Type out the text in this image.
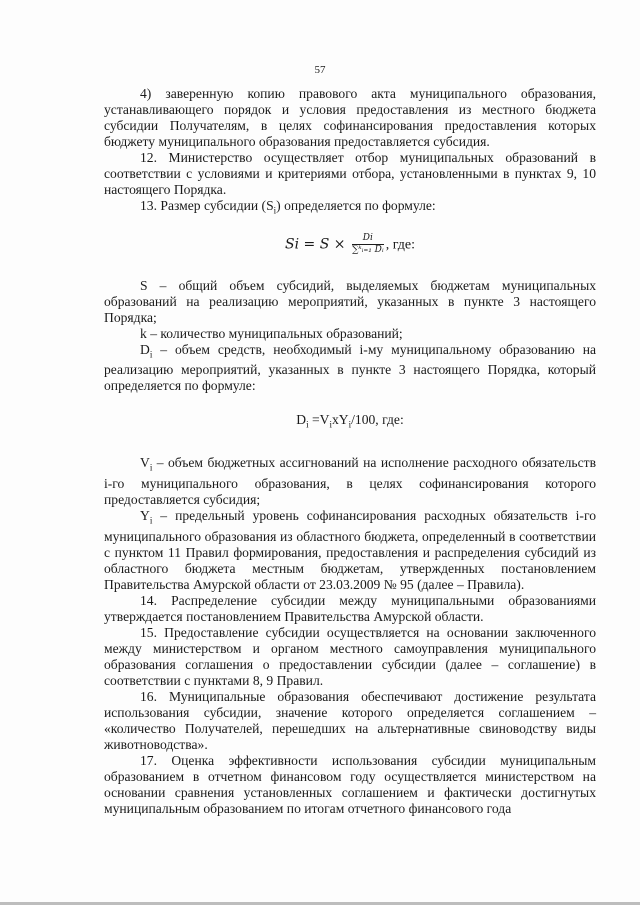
57

4) заверенную копию правового акта муниципального образования, устанавливающего порядок и условия предоставления из местного бюджета субсидии Получателям, в целях софинансирования предоставления которых бюджету муниципального образования предоставляется субсидия.

12. Министерство осуществляет отбор муниципальных образований в соответствии с условиями и критериями отбора, установленными в пунктах 9, 10 настоящего Порядка.

13. Размер субсидии $(S_i)$ определяется по формуле:

$Si = S \times \frac{Di}{\text{∑ᵏᵢ₌₁ Dᵢ}}$ , где:

S – общий объем субсидий, выделяемых бюджетам муниципальных образований на реализацию мероприятий, указанных в пункте 3 настоящего Порядка;

k – количество муниципальных образований;

$D_i$ – объем средств, необходимый i-му муниципальному образованию на реализацию мероприятий, указанных в пункте 3 настоящего Порядка, который определяется по формуле:

$D_i =V_ixY_i/100$, где:

$V_i$ – объем бюджетных ассигнований на исполнение расходного обязательств i-го муниципального образования, в целях софинансирования которого предоставляется субсидия;

$Y_i$ – предельный уровень софинансирования расходных обязательств i-го муниципального образования из областного бюджета, определенный в соответствии с пунктом 11 Правил формирования, предоставления и распределения субсидий из областного бюджета местным бюджетам, утвержденных постановлением Правительства Амурской области от 23.03.2009 № 95 (далее – Правила).

14. Распределение субсидии между муниципальными образованиями утверждается постановлением Правительства Амурской области.

15. Предоставление субсидии осуществляется на основании заключенного между министерством и органом местного самоуправления муниципального образования соглашения о предоставлении субсидии (далее – соглашение) в соответствии с пунктами 8, 9 Правил.

16. Муниципальные образования обеспечивают достижение результата использования субсидии, значение которого определяется соглашением – «количество Получателей, перешедших на альтернативные свиноводству виды животноводства».

17. Оценка эффективности использования субсидии муниципальным образованием в отчетном финансовом году осуществляется министерством на основании сравнения установленных соглашением и фактически достигнутых муниципальным образованием по итогам отчетного финансового года
